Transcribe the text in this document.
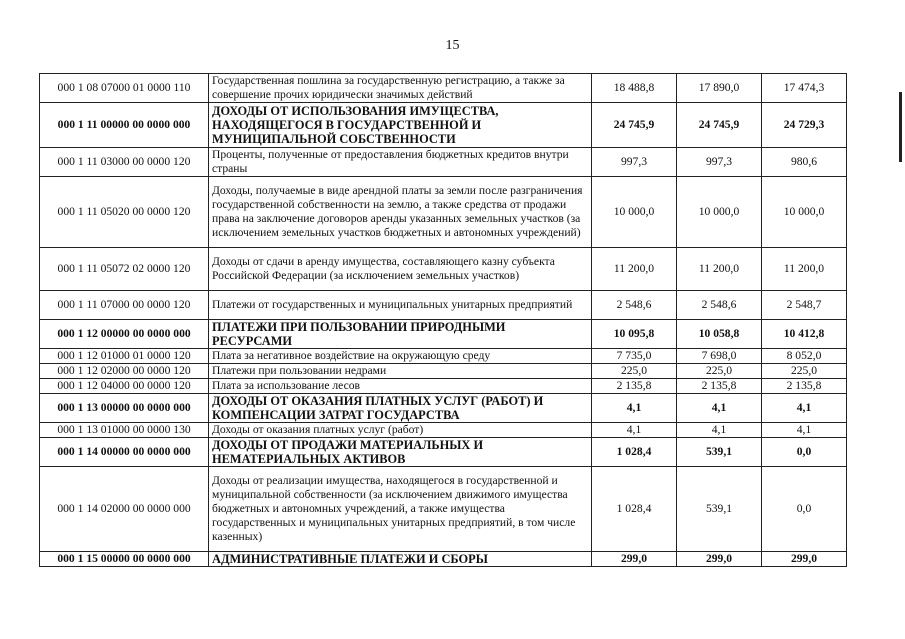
15
000 1 08 07000 01 0000 110	Государственная пошлина за государственную регистрацию, а также за совершение прочих юридически значимых действий	18 488,8	17 890,0	17 474,3
000 1 11 00000 00 0000 000	ДОХОДЫ ОТ ИСПОЛЬЗОВАНИЯ ИМУЩЕСТВА, НАХОДЯЩЕГОСЯ В ГОСУДАРСТВЕННОЙ И МУНИЦИПАЛЬНОЙ СОБСТВЕННОСТИ	24 745,9	24 745,9	24 729,3
000 1 11 03000 00 0000 120	Проценты, полученные от предоставления бюджетных кредитов внутри страны	997,3	997,3	980,6
000 1 11 05020 00 0000 120	Доходы, получаемые в виде арендной платы за земли после разграничения государственной собственности на землю, а также средства от продажи права на заключение договоров аренды указанных земельных участков (за исключением земельных участков бюджетных и автономных учреждений)	10 000,0	10 000,0	10 000,0
000 1 11 05072 02 0000 120	Доходы от сдачи в аренду имущества, составляющего казну субъекта Российской Федерации (за исключением земельных участков)	11 200,0	11 200,0	11 200,0
000 1 11 07000 00 0000 120	Платежи от государственных и муниципальных унитарных предприятий	2 548,6	2 548,6	2 548,7
000 1 12 00000 00 0000 000	ПЛАТЕЖИ ПРИ ПОЛЬЗОВАНИИ ПРИРОДНЫМИ РЕСУРСАМИ	10 095,8	10 058,8	10 412,8
000 1 12 01000 01 0000 120	Плата за негативное воздействие на окружающую среду	7 735,0	7 698,0	8 052,0
000 1 12 02000 00 0000 120	Платежи при пользовании недрами	225,0	225,0	225,0
000 1 12 04000 00 0000 120	Плата за использование лесов	2 135,8	2 135,8	2 135,8
000 1 13 00000 00 0000 000	ДОХОДЫ ОТ ОКАЗАНИЯ ПЛАТНЫХ УСЛУГ (РАБОТ) И КОМПЕНСАЦИИ ЗАТРАТ ГОСУДАРСТВА	4,1	4,1	4,1
000 1 13 01000 00 0000 130	Доходы от оказания платных услуг (работ)	4,1	4,1	4,1
000 1 14 00000 00 0000 000	ДОХОДЫ ОТ ПРОДАЖИ МАТЕРИАЛЬНЫХ И НЕМАТЕРИАЛЬНЫХ АКТИВОВ	1 028,4	539,1	0,0
000 1 14 02000 00 0000 000	Доходы от реализации имущества, находящегося в государственной и муниципальной собственности (за исключением движимого имущества бюджетных и автономных учреждений, а также имущества государственных и муниципальных унитарных предприятий, в том числе казенных)	1 028,4	539,1	0,0
000 1 15 00000 00 0000 000	АДМИНИСТРАТИВНЫЕ ПЛАТЕЖИ И СБОРЫ	299,0	299,0	299,0
